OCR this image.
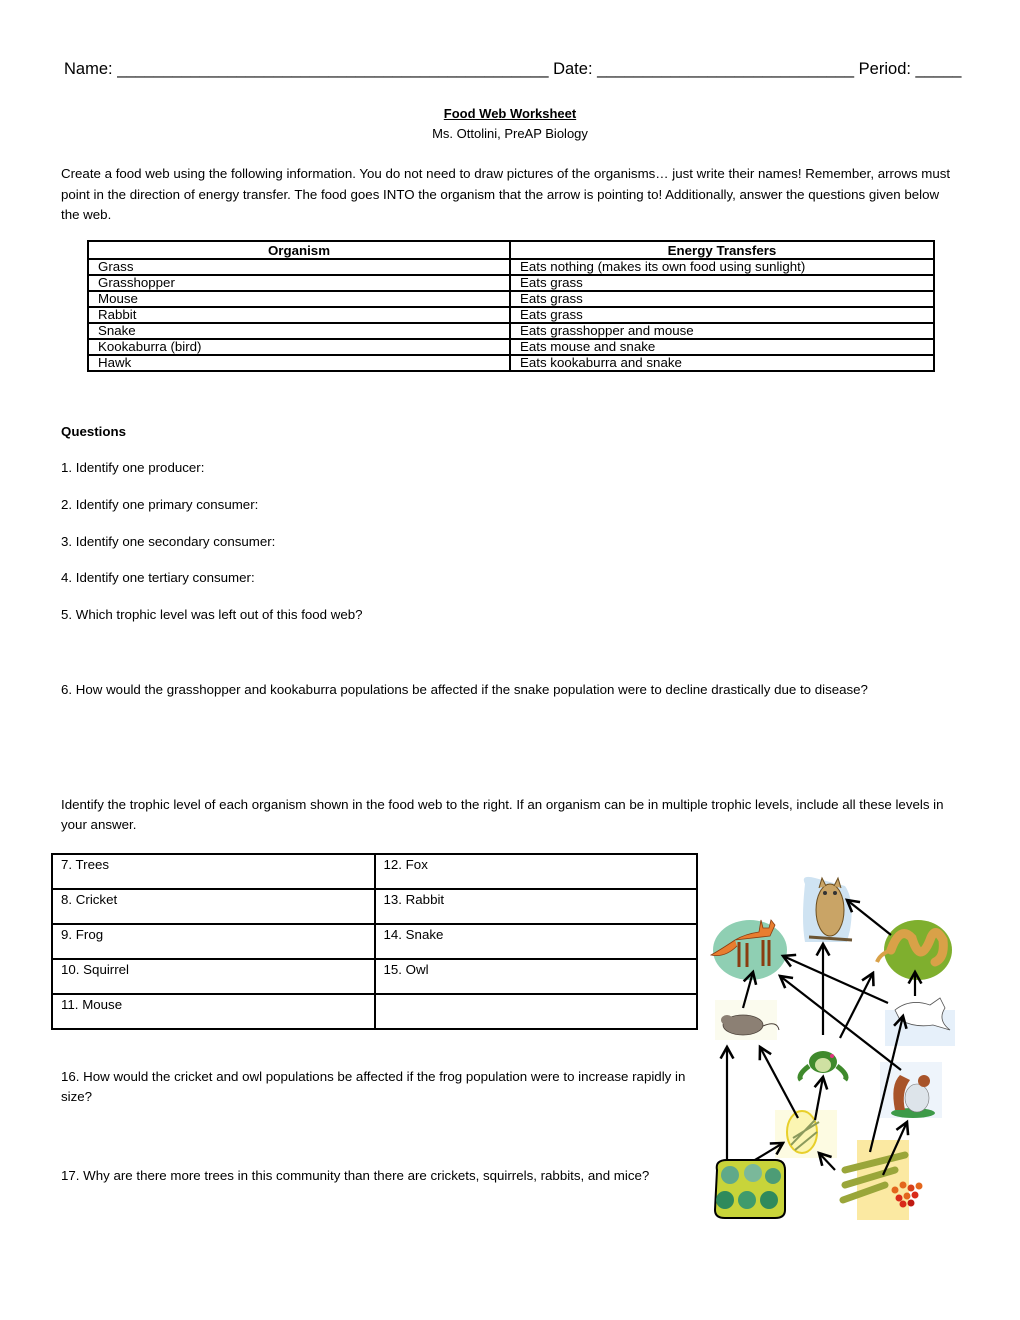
Name: _______________________________________________ Date: ____________________________ Period: _____
Food Web Worksheet
Ms. Ottolini, PreAP Biology
Create a food web using the following information. You do not need to draw pictures of the organisms… just write their names! Remember, arrows must point in the direction of energy transfer. The food goes INTO the organism that the arrow is pointing to! Additionally, answer the questions given below the web.
Organism	Energy Transfers
Grass	Eats nothing (makes its own food using sunlight)
Grasshopper	Eats grass
Mouse	Eats grass
Rabbit	Eats grass
Snake	Eats grasshopper and mouse
Kookaburra (bird)	Eats mouse and snake
Hawk	Eats kookaburra and snake
Questions
1. Identify one producer:
2. Identify one primary consumer:
3. Identify one secondary consumer:
4. Identify one tertiary consumer:
5. Which trophic level was left out of this food web?
6. How would the grasshopper and kookaburra populations be affected if the snake population were to decline drastically due to disease?
Identify the trophic level of each organism shown in the food web to the right. If an organism can be in multiple trophic levels, include all these levels in your answer.
7. Trees	12. Fox
8. Cricket	13. Rabbit
9. Frog	14. Snake
10. Squirrel	15. Owl
11. Mouse	
16. How would the cricket and owl populations be affected if the frog population were to increase rapidly in size?
17. Why are there more trees in this community than there are crickets, squirrels, rabbits, and mice?
